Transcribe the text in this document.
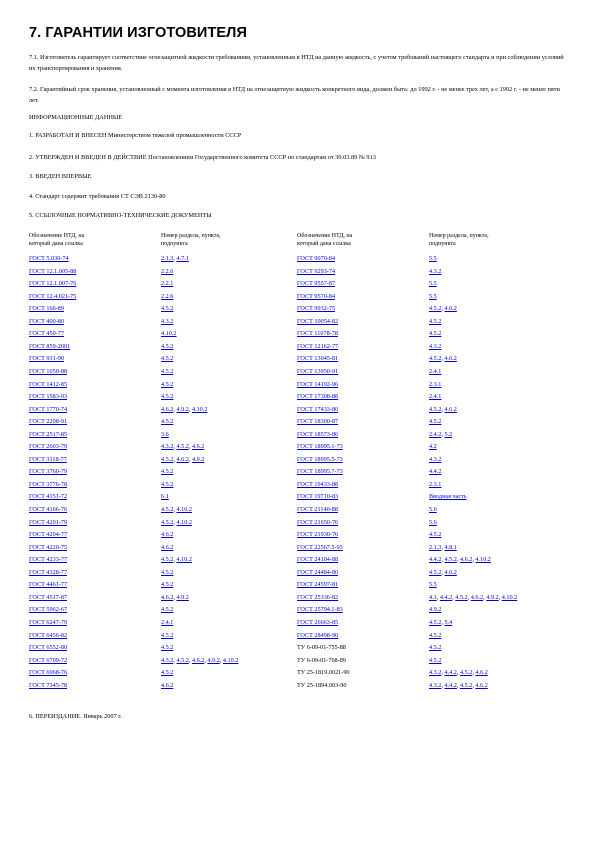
7. ГАРАНТИИ ИЗГОТОВИТЕЛЯ

7.1. Изготовитель гарантирует соответствие огнезащитной жидкости требованиям, установленным в НТД на данную жидкость, с учетом требований настоящего стандарта и при соблюдении условий их транспортирования и хранения.

7.2. Гарантийный срок хранения, установленный с момента изготовления в НТД на огнезащитную жидкость конкретного вида, должен быть: до 1992 г. - не менее трех лет, а с 1992 г. - не менее пяти лет.

ИНФОРМАЦИОННЫЕ ДАННЫЕ
1. РАЗРАБОТАН И ВНЕСЕН Министерством тяжелой промышленности СССР
2. УТВЕРЖДЕН И ВВЕДЕН В ДЕЙСТВИЕ Постановлением Государственного комитета СССР по стандартам от 30.03.89 № 913
3. ВВЕДЕН ВПЕРВЫЕ
4. Стандарт содержит требования СТ СЭВ 2130-80
5. ССЫЛОЧНЫЕ НОРМАТИВНО-ТЕХНИЧЕСКИЕ ДОКУМЕНТЫ
Обозначение НТД, на
который дана ссылка
Номер раздела, пункта,
подпункта
Обозначение НТД, на
который дана ссылка
Номер раздела, пункта,
подпункта
ГОСТ 5.030-74	2.1.3, 4.7.1	ГОСТ 9070-84	5.5
ГОСТ 12.1.005-88	2.2.6	ГОСТ 9293-74	4.3.2
ГОСТ 12.1.007-76	2.2.1	ГОСТ 9557-87	5.5
ГОСТ 12.4.021-75	2.2.6	ГОСТ 9570-84	5.5
ГОСТ 166-89	4.5.2	ГОСТ 9932-75	4.5.2, 4.6.2
ГОСТ 400-80	4.3.2	ГОСТ 10054-82	4.5.2
ГОСТ 450-77	4.10.2	ГОСТ 11078-78	4.5.2
ГОСТ 859-2001	4.5.2	ГОСТ 12162-77	4.3.2
ГОСТ 931-90	4.5.2	ГОСТ 13045-81	4.5.2, 4.6.2
ГОСТ 1050-88	4.5.2	ГОСТ 13950-91	2.4.1
ГОСТ 1412-85	4.5.2	ГОСТ 14192-96	2.3.1
ГОСТ 1583-93	4.5.2	ГОСТ 17308-88	2.4.1
ГОСТ 1770-74	4.6.2, 4.9.2, 4.10.2	ГОСТ 17433-80	4.5.2, 4.6.2
ГОСТ 2208-91	4.5.2	ГОСТ 18300-87	4.5.2
ГОСТ 2517-85	3.6	ГОСТ 18573-86	2.4.2, 5.2
ГОСТ 2603-79	4.3.2, 4.5.2, 4.6.2	ГОСТ 18995.1-73	4.2
ГОСТ 3118-77	4.5.2, 4.6.2, 4.9.2	ГОСТ 18995.5-73	4.3.2
ГОСТ 3760-79	4.5.2	ГОСТ 18995.7-73	4.4.2
ГОСТ 3776-78	4.5.2	ГОСТ 19433-88	2.3.1
ГОСТ 4151-72	6.1	ГОСТ 19710-83	Вводная часть
ГОСТ 4166-76	4.5.2, 4.10.2	ГОСТ 21140-88	5.6
ГОСТ 4201-79	4.5.2, 4.10.2	ГОСТ 21650-76	5.6
ГОСТ 4204-77	4.6.2	ГОСТ 21930-76	4.5.2
ГОСТ 4220-75	4.6.2	ГОСТ 22567.5-93	2.1.3, 4.8.1
ГОСТ 4233-77	4.5.2, 4.10.2	ГОСТ 24104-88	4.4.2, 4.5.2, 4.6.2, 4.10.2
ГОСТ 4328-77	4.5.2	ГОСТ 24484-80	4.5.2, 4.6.2
ГОСТ 4461-77	4.5.2	ГОСТ 24597-81	5.5
ГОСТ 4517-87	4.6.2, 4.9.2	ГОСТ 25336-82	4.1, 4.4.2, 4.5.2, 4.6.2, 4.9.2, 4.10.2
ГОСТ 5962-67	4.5.2	ГОСТ 25794.1-83	4.9.2
ГОСТ 6247-79	2.4.1	ГОСТ 26663-85	4.5.2, 5.4
ГОСТ 6456-82	4.5.2	ГОСТ 28498-90	4.5.2
ГОСТ 6552-80	4.5.2	ТУ 6-09-01-755-88	4.5.2
ГОСТ 6709-72	4.3.2, 4.5.2, 4.6.2, 4.9.2, 4.10.2	ТУ 6-09-01-768-89	4.5.2
ГОСТ 6968-76	4.5.2	ТУ 25-1819.0021-90	4.3.2, 4.4.2, 4.5.2, 4.6.2
ГОСТ 7345-78	4.6.2	ТУ 25-1894.003-90	4.3.2, 4.4.2, 4.5.2, 4.6.2
6. ПЕРЕИЗДАНИЕ. Январь 2007 г.
